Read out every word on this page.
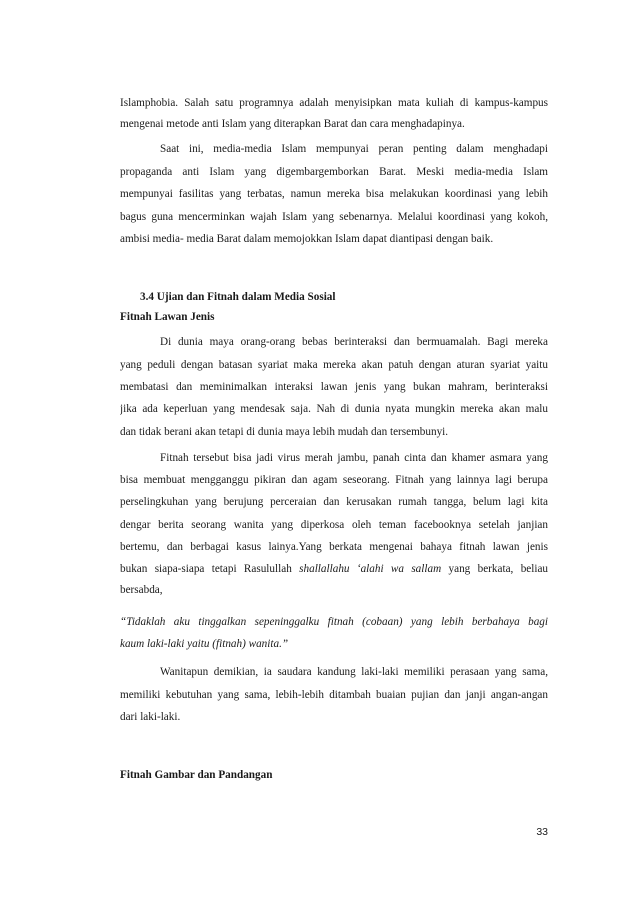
Islamphobia. Salah satu programnya adalah menyisipkan mata kuliah di kampus-kampus
mengenai metode anti Islam yang diterapkan Barat dan cara menghadapinya.
Saat ini, media-media Islam mempunyai peran penting dalam menghadapi
propaganda anti Islam yang digembargemborkan Barat. Meski media-media Islam
mempunyai fasilitas yang terbatas, namun mereka bisa melakukan koordinasi yang lebih
bagus guna mencerminkan wajah Islam yang sebenarnya. Melalui koordinasi yang kokoh,
ambisi media- media Barat dalam memojokkan Islam dapat diantipasi dengan baik.
3.4 Ujian dan Fitnah dalam Media Sosial
Fitnah Lawan Jenis
Di dunia maya orang-orang bebas berinteraksi dan bermuamalah. Bagi mereka
yang peduli dengan batasan syariat maka mereka akan patuh dengan aturan syariat yaitu
membatasi dan meminimalkan interaksi lawan jenis yang bukan mahram, berinteraksi
jika ada keperluan yang mendesak saja. Nah di dunia nyata mungkin mereka akan malu
dan tidak berani akan tetapi di dunia maya lebih mudah dan tersembunyi.
Fitnah tersebut bisa jadi virus merah jambu, panah cinta dan khamer asmara yang
bisa membuat mengganggu pikiran dan agam seseorang. Fitnah yang lainnya lagi berupa
perselingkuhan yang berujung perceraian dan kerusakan rumah tangga, belum lagi kita
dengar berita seorang wanita yang diperkosa oleh teman facebooknya setelah janjian
bertemu, dan berbagai kasus lainya.Yang berkata mengenai bahaya fitnah lawan jenis
bukan siapa-siapa tetapi Rasulullah shallallahu ‘alahi wa sallam yang berkata, beliau
bersabda,
“Tidaklah aku tinggalkan sepeninggalku fitnah (cobaan) yang lebih berbahaya bagi
kaum laki-laki yaitu (fitnah) wanita.”
Wanitapun demikian, ia saudara kandung laki-laki memiliki perasaan yang sama,
memiliki kebutuhan yang sama, lebih-lebih ditambah buaian pujian dan janji angan-angan
dari laki-laki.
Fitnah Gambar dan Pandangan
33
